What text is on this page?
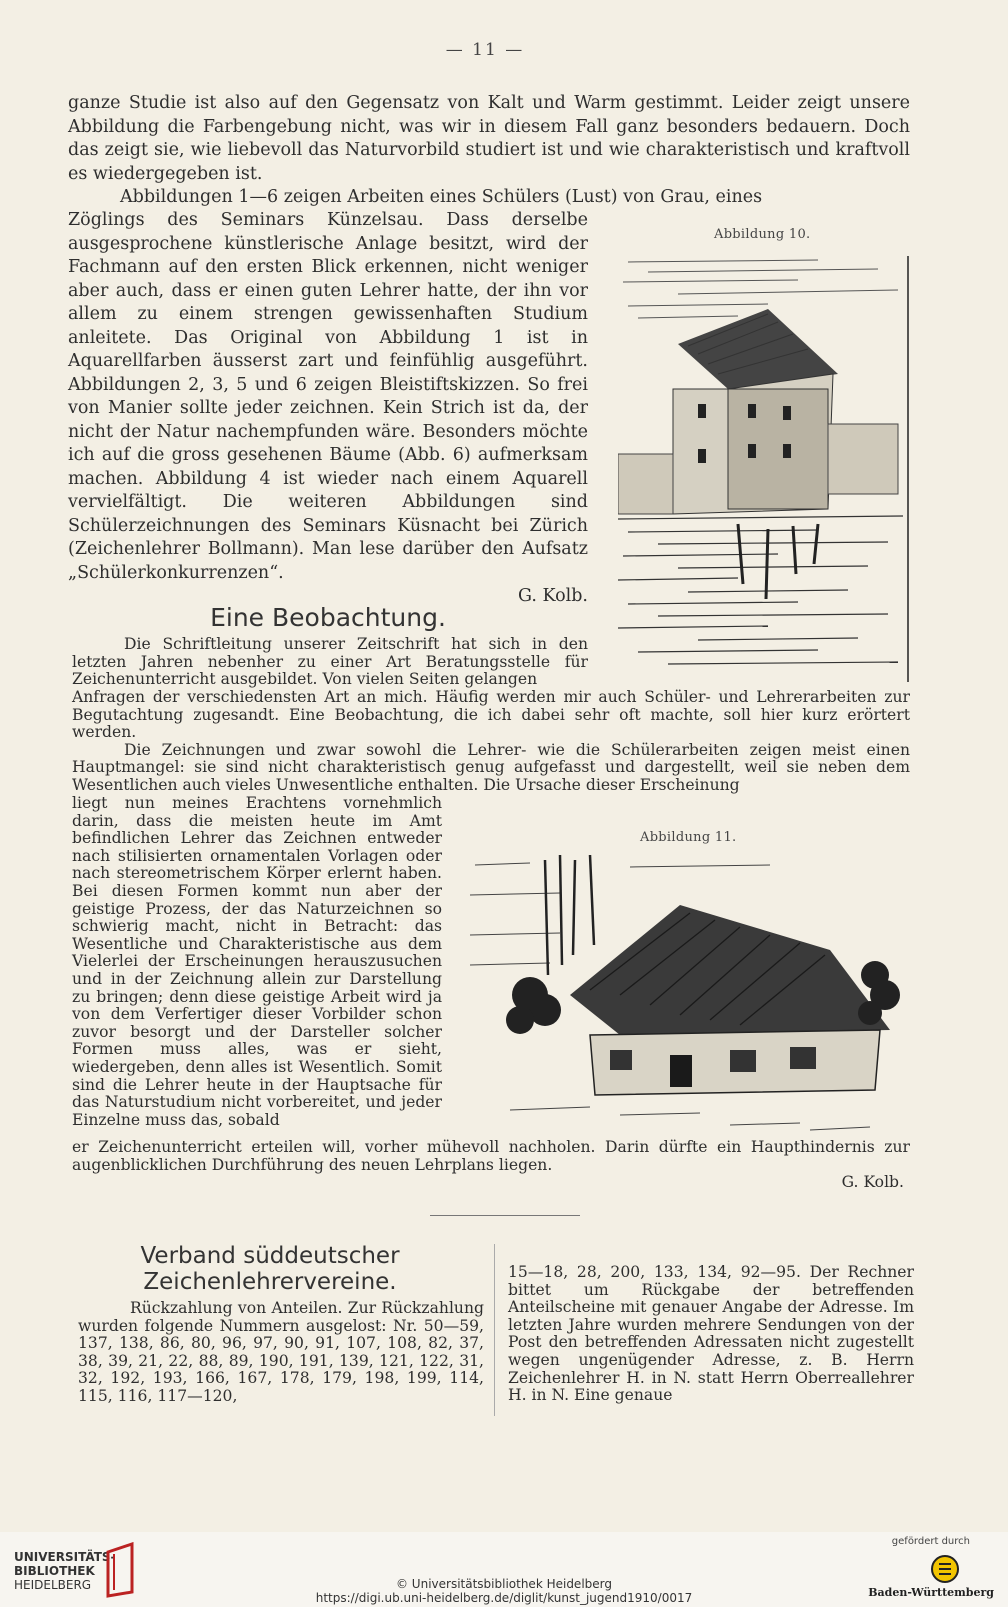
— 11 —

ganze Studie ist also auf den Gegensatz von Kalt und Warm gestimmt. Leider zeigt unsere Abbildung die Farbengebung nicht, was wir in diesem Fall ganz besonders bedauern. Doch das zeigt sie, wie liebevoll das Naturvorbild studiert ist und wie charakteristisch und kraftvoll es wiedergegeben ist.

Abbildungen 1—6 zeigen Arbeiten eines Schülers (Lust) von Grau, eines

Zöglings des Seminars Künzelsau. Dass derselbe ausgesprochene künstlerische Anlage besitzt, wird der Fachmann auf den ersten Blick erkennen, nicht weniger aber auch, dass er einen guten Lehrer hatte, der ihn vor allem zu einem strengen gewissenhaften Studium anleitete. Das Original von Abbildung 1 ist in Aquarellfarben äusserst zart und feinfühlig ausgeführt. Abbildungen 2, 3, 5 und 6 zeigen Bleistiftskizzen. So frei von Manier sollte jeder zeichnen. Kein Strich ist da, der nicht der Natur nachempfunden wäre. Besonders möchte ich auf die gross gesehenen Bäume (Abb. 6) aufmerksam machen. Abbildung 4 ist wieder nach einem Aquarell vervielfältigt. Die weiteren Abbildungen sind Schülerzeichnungen des Seminars Küsnacht bei Zürich (Zeichenlehrer Bollmann). Man lese darüber den Aufsatz „Schülerkonkurrenzen“.

G. Kolb.

Abbildung 10.
Eine Beobachtung.

Die Schriftleitung unserer Zeitschrift hat sich in den letzten Jahren nebenher zu einer Art Beratungsstelle für Zeichenunterricht ausgebildet. Von vielen Seiten gelangen

Anfragen der verschiedensten Art an mich. Häufig werden mir auch Schüler- und Lehrerarbeiten zur Begutachtung zugesandt. Eine Beobachtung, die ich dabei sehr oft machte, soll hier kurz erörtert werden.

Die Zeichnungen und zwar sowohl die Lehrer- wie die Schülerarbeiten zeigen meist einen Hauptmangel: sie sind nicht charakteristisch genug aufgefasst und dargestellt, weil sie neben dem Wesentlichen auch vieles Unwesentliche enthalten. Die Ursache dieser Erscheinung

liegt nun meines Erachtens vornehmlich darin, dass die meisten heute im Amt befindlichen Lehrer das Zeichnen entweder nach stilisierten ornamentalen Vorlagen oder nach stereometrischem Körper erlernt haben. Bei diesen Formen kommt nun aber der geistige Prozess, der das Naturzeichnen so schwierig macht, nicht in Betracht: das Wesentliche und Charakteristische aus dem Vielerlei der Erscheinungen herauszusuchen und in der Zeichnung allein zur Darstellung zu bringen; denn diese geistige Arbeit wird ja von dem Verfertiger dieser Vorbilder schon zuvor besorgt und der Darsteller solcher Formen muss alles, was er sieht, wiedergeben, denn alles ist Wesentlich. Somit sind die Lehrer heute in der Hauptsache für das Naturstudium nicht vorbereitet, und jeder Einzelne muss das, sobald

Abbildung 11.

er Zeichenunterricht erteilen will, vorher mühevoll nachholen. Darin dürfte ein Haupthindernis zur augenblicklichen Durchführung des neuen Lehrplans liegen.

G. Kolb.

Verband süddeutscher Zeichenlehrervereine.

Rückzahlung von Anteilen. Zur Rückzahlung wurden folgende Nummern ausgelost: Nr. 50—59, 137, 138, 86, 80, 96, 97, 90, 91, 107, 108, 82, 37, 38, 39, 21, 22, 88, 89, 190, 191, 139, 121, 122, 31, 32, 192, 193, 166, 167, 178, 179, 198, 199, 114, 115, 116, 117—120,

15—18, 28, 200, 133, 134, 92—95. Der Rechner bittet um Rückgabe der betreffenden Anteilscheine mit genauer Angabe der Adresse. Im letzten Jahre wurden mehrere Sendungen von der Post den betreffenden Adressaten nicht zugestellt wegen ungenügender Adresse, z. B. Herrn Zeichenlehrer H. in N. statt Herrn Oberreallehrer H. in N. Eine genaue

UNIVERSITÄTS-
BIBLIOTHEK
HEIDELBERG	© Universitätsbibliothek Heidelberg
https://digi.ub.uni-heidelberg.de/diglit/kunst_jugend1910/0017
gefördert durch
Baden-Württemberg
